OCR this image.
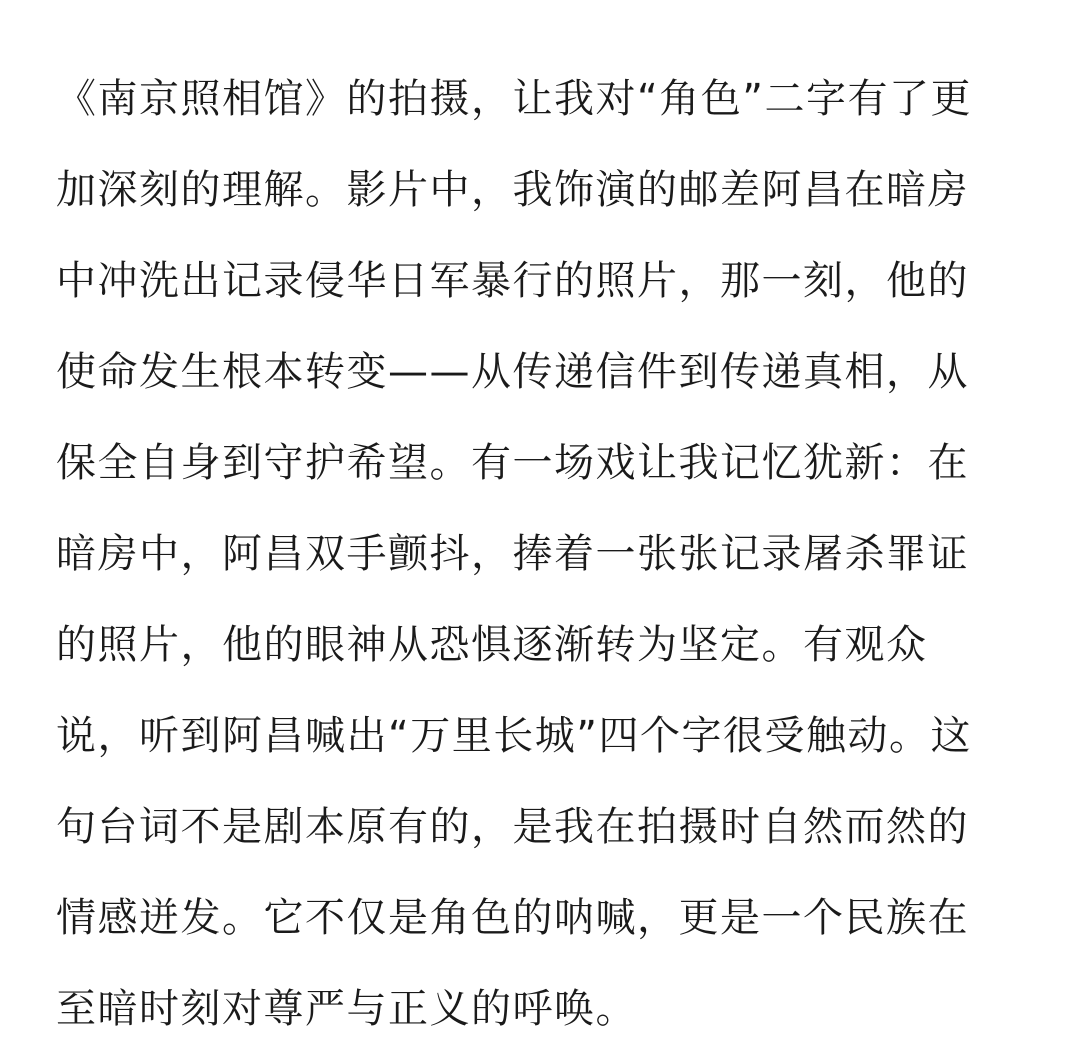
《南京照相馆》的拍摄，让我对“角色”二字有了更
加深刻的理解。影片中，我饰演的邮差阿昌在暗房
中冲洗出记录侵华日军暴行的照片，那一刻，他的
使命发生根本转变——从传递信件到传递真相，从
保全自身到守护希望。有一场戏让我记忆犹新：在
暗房中，阿昌双手颤抖，捧着一张张记录屠杀罪证
的照片，他的眼神从恐惧逐渐转为坚定。有观众
说，听到阿昌喊出“万里长城”四个字很受触动。这
句台词不是剧本原有的，是我在拍摄时自然而然的
情感迸发。它不仅是角色的呐喊，更是一个民族在
至暗时刻对尊严与正义的呼唤。
